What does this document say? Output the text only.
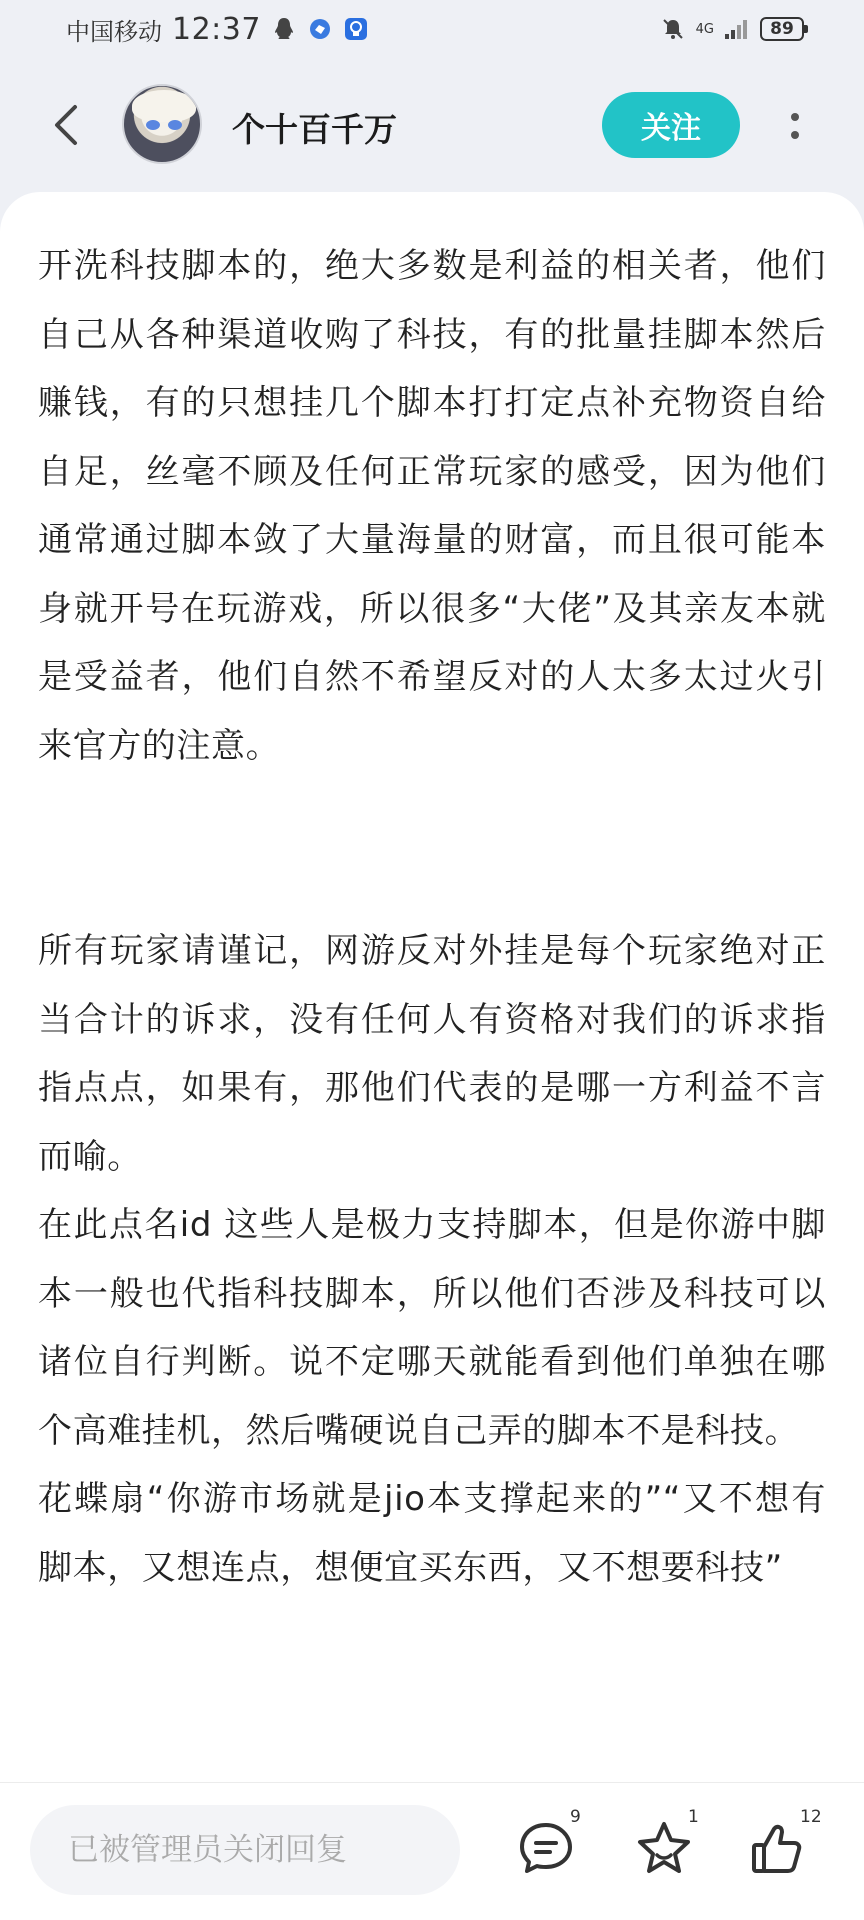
中国移动 12:37	4G	89
个十百千万	关注

开洗科技脚本的，绝大多数是利益的相关者，他们自己从各种渠道收购了科技，有的批量挂脚本然后赚钱，有的只想挂几个脚本打打定点补充物资自给自足，丝毫不顾及任何正常玩家的感受，因为他们通常通过脚本敛了大量海量的财富，而且很可能本身就开号在玩游戏，所以很多“大佬”及其亲友本就是受益者，他们自然不希望反对的人太多太过火引来官方的注意。

所有玩家请谨记，网游反对外挂是每个玩家绝对正当合计的诉求，没有任何人有资格对我们的诉求指指点点，如果有，那他们代表的是哪一方利益不言而喻。

在此点名id 这些人是极力支持脚本，但是你游中脚本一般也代指科技脚本，所以他们否涉及科技可以诸位自行判断。说不定哪天就能看到他们单独在哪个高难挂机，然后嘴硬说自己弄的脚本不是科技。

花蝶扇“你游市场就是jio本支撑起来的”“又不想有脚本，又想连点，想便宜买东西，又不想要科技”

已被管理员关闭回复
9	1	12
